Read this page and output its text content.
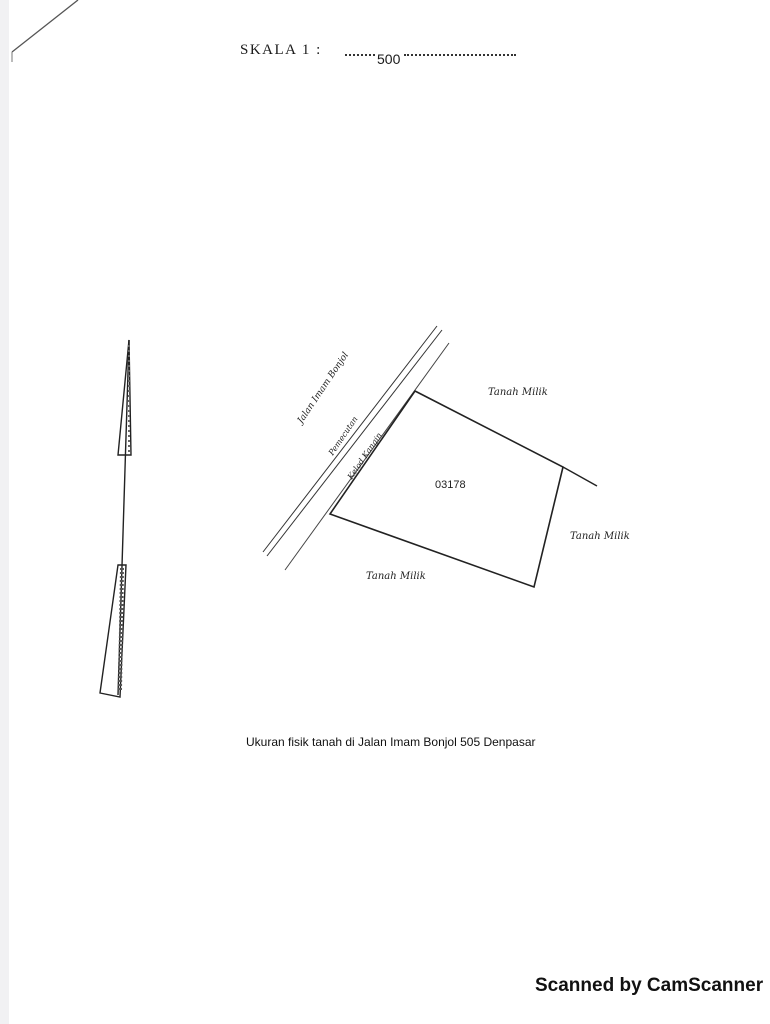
SKALA 1 :
500
Jalan Imam Bonjol
Pemecutan
Kelod Kangin
Tanah Milik
Tanah Milik
Tanah Milik
03178
Ukuran fisik tanah di Jalan Imam Bonjol 505 Denpasar
Scanned by CamScanner
